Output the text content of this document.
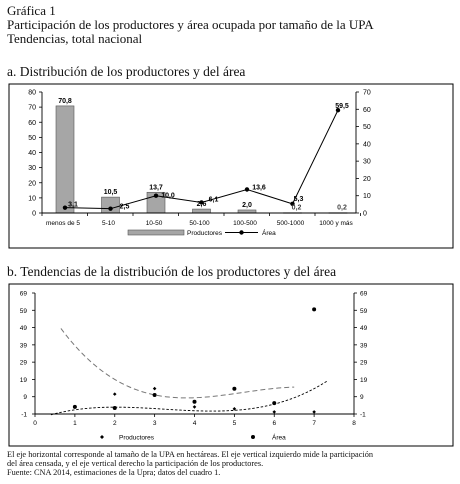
Gráfica 1
Participación de los productores y área ocupada por tamaño de la UPA
Tendencias, total nacional
a. Distribución de los productores y del área
b. Tendencias de la distribución de los productores y del área
0
10
20
30
40
50
60
70
80
0
10
20
30
40
50
60
70
70,8
10,5
13,7
2,6	2,0	0,2	0,2
3,1	2,5
10,0
6,1
13,6
5,3
59,5
menos de 5	5-10	10-50	50-100	100-500	500-1000 1000 y más
Productores	Área
-1	-1
9	9
19	19
29	29
39	39
49	49
59	59
69	69
0	1	2	3	4	5	6	7	8
Productores	Área
El eje horizontal corresponde al tamaño de la UPA en hectáreas. El eje vertical izquierdo mide la participación
del área censada, y el eje vertical derecho la participación de los productores.
Fuente: CNA 2014, estimaciones de la Upra; datos del cuadro 1.
